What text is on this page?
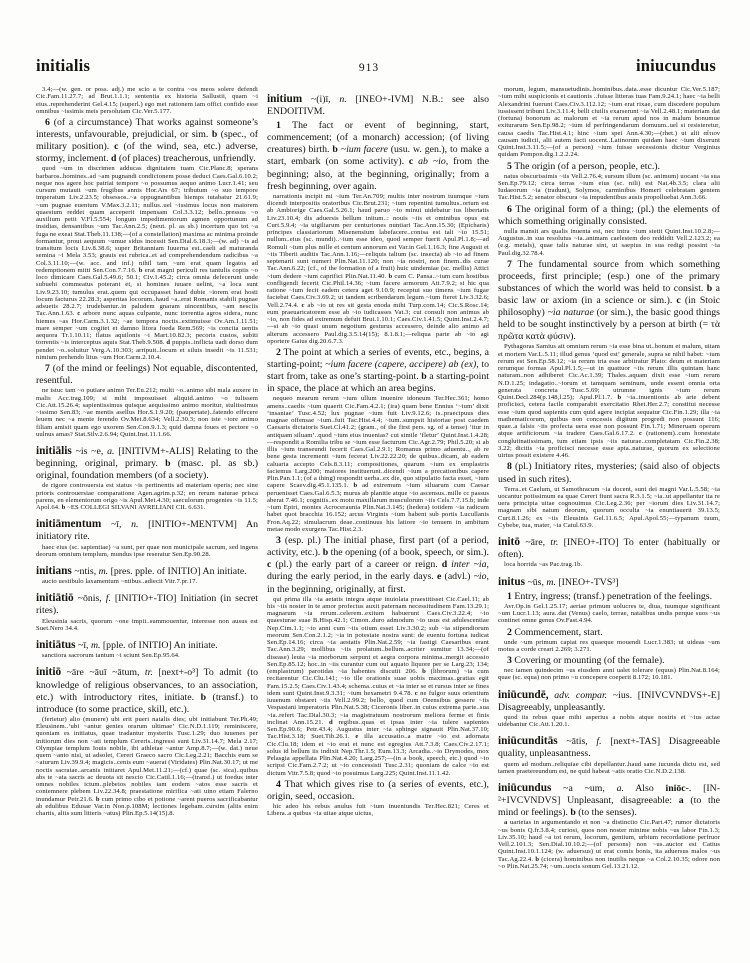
initialis	913	iniucundus

3.4;—(w. gen. or poss. adj.) me scio a te contra ~os meos solere defendi Cic.Fam.11.27.7; ad Brut.1.1.1; sententia ex historia Sallustii, quam ~i eius..reprehenderint Gel.4.15; (superl.) ego mei rationem iam offici confido esse omnibus ~issimis meis persolutam Cic.Ver.5.177.

6 (of a circumstance) That works against someone’s interests, unfavourable, prejudicial, or sim. b (spec., of military position). c (of the wind, sea, etc.) adverse, stormy, inclement. d (of places) treacherous, unfriendly.

quod ~um in discrimen adducas dignitatem tuam Cic.Planc.8; sperans barbaros..homines..ad ~am pugnandi condicionem posse deduci Caes.Gal.6.10.2; neque nos agere hoc patriai tempore ~o possumus aequo animo Lucr.1.41; seu cursum mutauit ~um frugibus annis Hor.Ars 67; tributum ~o suo tempore imperatum Liv.2.23.5; obsessos..~a oppugnantibus hiemps tutabatur 21.61.9; ~um pugnae euentum V.Max.3.2.11; nullus..uel ~issimus locus non maiorem quaestum reddet quam acceperit impensam Col.3.3.12; bello..pressus ~o auxilium petit V.Fl.5.554; longum impedimentorum agmen opportunum ad insidias, densantibus ~um Tac.Ann.2.5; (neut. pl. as sb.) incertum quo tot ~a fuga ne exeat Stat.Theb.11.138;—(of a constellation) maxima ac minima proinde formantur, prout aequum ~umue sidus incessit Sen.Dial.6.18.3;—(w. ad) ~is ad transitum locis Liv.8.38.6; super Britanniam Iuuerna est..caeli ad maturanda semina ~i Mela 3.53; grauis est rubrica..et ad comprehendendum radicibus ~a Col.3.11.10;—(w. acc. and inf.) nihil tam ~um erat quam legatos ad redemptionem mitti Sen.Con.7.7.16. b erat magni periculi res tantulis copiis ~o loco dimicare Caes.Gal.5.49.6; 50.1; Civ.1.45.2; circa omnia defecerunt unde subuehi commeatus poterant et, si homines iuuare uelint, ~a loca sunt Liv.9.23.10; tumulus erat..quem qui occupasset haud dubie ~iorem erat hosti locum facturus 22.28.3; asperitas locorum..haud ~a..erat Romanis stabili pugnae adsuetis 28.2.7; trudebantur..in paludem gnaram uincentibus, ~am nesciis Tac.Ann.1.63. c arbore nunc aquas culpante, nunc torrentia agros sidera, nunc hiemes ~as Hor.Carm.3.1.32; ~ae tempora noctis..extimuisse Ov.Am.1.11.51; mare semper ~um cogitet et damno litora foeda Rem.569; ~is concita uentis aequora Tr.1.10.11; flatus aquilonis ~i Mart.10.82.3; pecoris custos, subiti torrentis ~is interceptus aquis Stat.Theb.9.508. d puppis..inflicta uadi dorso dum pendet ~o..soluitur Verg.A.10.303; arripuit..locum et siluis insedit ~is 11.531; nimium prehendo litus ~um Hor.Carm.2.10.4.

7 (of the mind or feelings) Not equable, discontented, resentful.

ne istuc tam ~o putiare animo Ter.Eu.212; multi ~o..animo sibi mala auxere in malis Acc.trag.109; si mihi imposuisset aliquid..animo ~o tulissem Cic.Att.15.26.4; sapientissimus quisque aequissimo animo moritur, stultissimus ~issimo Sen.83; ~ae mentis asellus Hor.S.1.9.20; (paupertate)..fatendo effecere leuem nec ~a mente ferendo Ov.Met.8.634; Vell.2.30.3; non iste ~iore animo filiam amisit quam ego uxorem Sen.Con.9.1.3; quid damna foues et pectore ~o uulnus amas? Stat.Silv.2.6.94; Quint.Inst.11.1.66.

initiālis ~is ~e, a. [INITIVM+-ALIS] Relating to the beginning, original, primary. b (masc. pl. as sb.) original, foundation members (of a society).

de rigore controuersia est status ~is pertinentis ad materiam operis; nec sine prioris controuersiae comparatione Agen.agrim.p.32; en rerum naturae prisca parens, en elementorum origo ~is Apul.Met.4.30; saeculorum progenies ~is 11.5; Apol.64. b ~ES COLLEGI SILVANI AVRELIANI CIL 6.631.

initiāmentum ~ī, n. [INITIO+-MENTVM] An initiatory rite.

haec eius (sc. sapientiae) ~a sunt, per quae non municipale sacrum, sed ingens deorum omnium templum, mundus ipse reseratur Sen.Ep.90.28.

initians ~ntis, m. [pres. pple. of INITIO] An initiate.

aucto uestibulo laxamentum ~ntibus..adiecit Vitr.7.pr.17.

initiātiō ~ōnis, f. [INITIO+-TIO] Initiation (in secret rites).

Eleusinia sacris, quorum ~one impii..summouentur, interesse non ausus est Suet.Nero 34.4.

initiātus ~ī, m. [pple. of INITIO] An initiate.

sanctiora sacrorum tantum ~i sciunt Sen.Ep.95.64.

initiō ~āre ~āuī ~ātum, tr. [next+-o³] To admit (to knowledge of religious observances, to an association, etc.) with introductory rites, initiate. b (transf.) to introduce (to some practice, skill, etc.).

(ferietur) alio (munere) ubi erit pueri natalis dies; ubi initiabunt Ter.Ph.49; Eleusinem..‘ubi ~antur gentes orarum ultimae’ Cic.N.D.1.119; reminiscere, quoniam es initiatus, quae tradantur mysteriis Tusc.1.29; duo iuuenes per initiorum dies non ~ati templum Cereris..ingressi sunt Liv.31.14.7; Mela 2.17; Olympiae templum Iouis nobile, ibi athletae ~antur Amp.8.7;—(w. dat.) neue quem ~anto nisi, ut adsolet, Cereri Graeco sacro Cic.Leg.2.21; Bacchis eum se ~aturum Liv.39.9.4; magicis..cenis eum ~auerat (Viridates) Plin.Nat.30.17; ut me noctis sacratae..arcanis initiaret Apul.Met.11.21;—(cf.) quae (sc. sica)..quibus abs te ~ata sacris ac deuota sit nescio Cic.Catil.1.16;—(transf.) ut foedus inter omnes nobiles ictum..plebeios nobiles iam eodem ~atos esse sacris et contemnere plebem Liv.22.34.8; praestatione mirifica ~ati uino etiam Falerno inundamur Petr.21.6. b cum primo cibo et potione ~arent pueros sacrificabantur ab edulibus Edusae Var.in Non.p.108M; lectiones legebam..cursim (aliis enim chartis, aliis sum litteris ~atus) Plin.Ep.5.14(15).8.

initium ~(i)ī, n. [INEO+-IVM] N.B.: see also ENDOITIVM.

1 The fact or event of beginning, start, commencement; (of a monarch) accession; (of living creatures) birth. b ~ium facere (usu. w. gen.), to make a start, embark (on some activity). c ab ~io, from the beginning; also, at the beginning, originally; from a fresh beginning, over again.

narrationis incipit mi ~ium Ter.An.709; multis inter nostrum tuumque ~ium dicendi interpositis oratoribus Cic.Brut.231; ~ium repentini tumultus..ortum est ab Ambiorige Caes.Gal.5.26.1; haud paruo ~io minui uidebatur ius libertatis Liv.23.10.4; dis aduersis bellum initum..: nouis ~iis et ominibus opus est Curt.5.9.4; ~ia uigiliarum per centuriones nuntiari Tac.Ann.15.30; (Epicharis) principes classiariorum Misenensium labefacere..conisa est tali ~io 15.51; nullum..eius (sc. mundi)..~ium esse ideo, quod semper fuerit Apul.Pl.1.8;—ad Romuli ~ium plus mille et centum annorum est Var.in Gel.1.16.3; fine Augusti et ~iis Tiberii auditis Tac.Ann.1.16;—reliquis talium (sc. insecta) ab ~io ad finem septenarii sunt numeri Plin.Nat.11.120; non ~ia nostri, non finem..dis curae Tac.Ann.6.22; (cf., of the formation of a fruit) huic uindemiae (sc. mellis) Attici ~ium dedere ~ium caprifici Plin.Nat.11.40. b cum C. Pansa..~ium cum hostibus confligendi fecerit Cic.Phil.14.36; ~ium facere armorum Att.7.9.2; si hic qua ratione ~ium fecit eadem cetera aget 9.10.9; receptui suo timens ~ium fugae faciebat Caes.Civ.3.69.2; ut tandem scribendarum legum ~ium fieret Liv.3.32.6; Vell.2.74.4. c ab ~io ut res sit gesta enoda mihi Turp.com.14; Cic.S.Rosc.14; eum praeuaricatorem esse ab ~io iudicasses Vat.3; cui consuli non animus ab ~io, non fides ad extremum defuit Brut.1.10.1; Caes.Civ.1.41.5; Quint.Inst.2.4.7;—si ab ~io quasi unum negotium gesturus accessero, deinde alio animo ad alterum accessero Paul.dig.3.5.14(15); 8.1.8.1;—reliqua parte ab ~io agi oportere Gaius dig.20.6.7.3.

2 The point at which a series of events, etc., begins, a starting-point; ~ium facere (capere, accipere) ab (ex), to start from, take as one’s starting-point. b a starting-point in space, the place at which an area begins.

nequeo mearum rerum ~ium ullum inuenire idoneum Ter.Hec.361; homo amens..caedis ~ium quaerit Cic.Fam.4.2.1; (ira) quam bene Ennius ‘~ium’ dixit ‘insaniae’ Tusc.4.52; lux pugnae ~ium fuit Liv.9.12.6; is..praecipuus dies magnae offensae ~ium..fuit Tac.Hist.4.4; ~ium..sumpsit historiae post caedem Caesaris dictatoris Suet.Cl.41.2; (gram., of the first pers. sg. of a tense) ‘itur in antiquam siluam’..quod ~ium eius inuenias? cui simile ‘fletur’ Quint.Inst.1.4.28;—respondit a Romilia tribu se ~ium esse facturum Cic.Agr.2.79; Phil.5.20; si ab illis ~ium transeundi fecerit Caes.Gal.2.9.1; Romanus primo aduentu.., ab re bene gesta incrementi ~ium fecerat Liv.22.22.20; de quibus..dicam, ab eadem caluaria accepto Cels.8.3.11; compositiones, quarum ~ium ex emplastris faciemus Larg.200; maiores instituerunt..dicendi ~ium a precationibus capere Plin.Pan.1.1; (of a thing) respondit uerba..ex die, quo stipulatio facta esset, ~ium capere Scaev.dig.45.1.135.1. b ad extremum ~ium siluarum cum Caesar peruenisset Caes.Gal.6.5.3; murus ab planitie atque ~io ascensus..mille cc passus aberat 7.46.1; cognitis..ex motu maxillarum musculorum ~iis Cels.7.7.15.b; inde ~ium Epiri, montes Acroceraunia Plin.Nat.3.145; (hedera) totidem ~ia radicum habet quot bracchia 16.152; arcus Virginis ~ium habent sub portis Lucullanis Fron.Aq.22; simulacrum deae..continuus his latiore ~io tenuem in ambitum metae modo exurgens Tac.Hist.2.3.

3 (esp. pl.) The initial phase, first part (of a period, activity, etc.). b the opening (of a book, speech, or sim.). c (pl.) the early part of a career or reign. d inter ~ia, during the early period, in the early days. e (advl.) ~io, in the beginning, originally, at first.

qui prima illa ~ia aetatis integra atque inuiolata praestitisset Cic.Cael.11; ab his ~iis noster in te amor profectus auxit paternam necessitudinem Fam.13.29.1; magnarum ~ia rerum..celerem..exitum habuerunt Caes.Civ.3.22.4; ~io quaesturae suae B.Hisp.42.1; Cimon..duro admodum ~io usus est adulescentiae Nep.Cim.1.1; ~io anni cum ~iis otium esset Liv.3.30.2; sub ~ia stipendiorum meorum Sen.Con.2.1.2; ~ia in potestate nostra sunt: de euentu fortuna iudicat Sen.Ep.14.16; circa ~ia aestatis Plin.Nat.2.59; ~ia fastigi Caesaribus erant Tac.Ann.3.29; mollibus ~iis prolatum..bellum..acriter sumitur 13.34;—(of disease) leuia ~ia morborum serpunt et aegra corpora minima..mergit accessio Sen.Ep.85.12; hoc..in ~iis curantur cum oui aquato liquore per se Larg.23; 134; (emplastrum) parotidas ~ia habentes discutit 206. b (librorum) ~ia cum recitarentur Cic.Clu.141; ~io ille orationis suae uobis maximas..gratias egit Fam.15.2.5; Caes.Civ.1.43.4; schema..cuius et ~ia inter se et rursus inter se fines idem sunt Quint.Inst.9.3.31; ~ium hexametri 9.4.78. c ne fulgor suus orientium iuuenum obstaret ~iis Vell.2.99.2; bello, quod cum Oeensibus gessere ~iis Vespasiani imperatoris Plin.Nat.5.38; Ciceronis liber..in cuius extrema parte..sua ~ia..refert Tac.Dial.30.3; ~ia magistratuum nostrorum meliora ferme et finis inclinat Ann.15.21. d regibus..quas et ipsas inter ~ia tulere sapientes Sen.Ep.90.6; Petr.43.4; Augustus inter ~ia sphinge signauit Plin.Nat.37.10; Tac.Hist.3.18; Suet.Tib.26.1. e illa accusatio..a matre ~io est adornata Cic.Clu.18; idem et ~io erat et nunc est egregius Att.7.3.8; Caes.Civ.2.17.1; solus id bellum iis indixit Nep.Thr.1.5; Eum.13.3; Arcadia..~io Drymodes, mox Pelasgia appellata Plin.Nat.4.20; Larg.257;—(in a book, speech, etc.) quod ~io scripsi Cic.Fam.2.7.2; ut ~io concessisti Tusc.2.31; quoniam de calce ~io est dictum Vitr.7.5.8; quod ~io posuimus Larg.225; Quint.Inst.11.1.42.

4 That which gives rise to (a series of events, etc.), origin, seed, occasion.

hic adeo his rebus anulus fuit ~ium inueniundis Ter.Hec.821; Ceres et Libera..a quibus ~ia uitae atque uictus,

morum, legum, mansuetudinis..hominibus..data..esse dicuntur Cic.Ver.5.187; ~ium mihi suspicionis et cautionis ..fuisse litteras tuas Fam.9.24.1; haec ~ia belli Alexandrini fuerunt Caes.Civ.3.112.12; ~ium erat rixae, cum discedere populum iussissent tribuni Liv.3.11.4; belli ciuilis exarserunt ~ia Vell.2.48.1; materiam dat (fortuna) bonorum ac malorum et ~ia rerum apud nos in malum bonumue exiturarum Sen.Ep.98.2; ~ium id perfringendarum domuum..uel si resisteretur, causa caedis Tac.Hist.4.1; hinc ~ium spei Ann.4.30;—(rhet.) ut alii αἴτιον causam iudicii, alii autem facti uocent..Latinorum quidam haec ~ium dixerunt Quint.Inst.3.11.5;—(of a person) ~ium fuisse secessionis dicitur Verginius quidam Pompon.dig.1.2.2.24.

5 The origin (of a person, people, etc.).

natus obscurissimis ~iis Vell.2.76.4; sursum illum (sc. animum) uocant ~ia sua Sen.Ep.79.12; circa terras ~ium eius (sc. nili) est Nat.4b.3.5; clara alii Iudaeorum ~ia (tradunt), Solymos, carminibus Homeri celebratam gentem Tac.Hist.5.2; senator obscura ~ia impudentibus ausis propolluebat Ann.3.66.

6 The original form of a thing; (pl.) the elements of which something originally consisted.

nulla mansit ars qualis inuenta est, nec intra ~ium stetit Quint.Inst.10.2.8;—Augustus..in sua resolutus ~ia..animam caelestem deo reddidit Vell.2.123.2; ea (e.g. metals), quae talis naturae sint, ut saepius in sua redigi possint ~ia Paul.dig.32.78.4.

7 The fundamental source from which something proceeds, first principle; (esp.) one of the primary substances of which the world was held to consist. b a basic law or axiom (in a science or sim.). c (in Stoic philosophy) ~ia naturae (or sim.), the basic good things held to be sought instinctively by a person at birth (= τὰ πρῶτα κατὰ φύσιν).

Pythagoras Samius ait omnium rerum ~ia esse bina ut..bonum et malum, uitam et mortem Var.L.5.11; illud genus ‘quod est’ generale, supra se nihil habet: ~ium rerum est Sen.Ep.58.12; ~ia rerum tria esse arbitratur Plato: deum et materiam rerumque formas Apul.Pl.1.5;—ut in quattuor ~iis rerum illis quintam hanc naturam..non adhiberet Cic.Ac.1.39; Thales..aquam dixit esse ~ium rerum N.D.1.25; indagatio..~iorum et tamquam seminum, unde essent omnia orta generata concreta Tusc.5.69; utrumne ignis ~ium rerum Quint.Decl.284(p.148,l.25); Apul.Pl.1.7. b ~ia..inuentionis ab arte debent proficisci, cetera facile comparabit exercitatio Rhet.Her.2.7; constitui necesse esse ~ium quod sapientis cum quid agere incipiat sequatur Cic.Fin.1.29; illa ~ia mathematicorum, quibus non concessis digitum progredi non possunt 116; quae..a falsis ~iis profecta uera esse non possunt Fin.1.71; Mineruam operum atque artificiorum ~ia tradere Caes.Gal.6.17.2. c (rationem)..cum honestate conglutinatissimam, tum etiam ipsis ~iis naturae..completatam Cic.Fin.2.38; 3.22; dicitis ~ia proficisci necesse esse apta..naturae, quorum ex selectione uirtus possit existere 4.46.

8 (pl.) Initiatory rites, mysteries; (said also of objects used in such rites).

Terra..et Caelum, ut Samothracum ~ia docent, sunt dei magni Var.L.5.58; ~ia uocantur potissimum ea quae Cereri fiunt sacra R.3.1.5; ~ia..ut appellantur ita re uera principia uitae cognouimus Cic.Leg.2.36; per ~iorum dies Liv.31.14.7; magnam sibi natum deorum, quorum occulta ~ia enuntiauerit 39.13.5; Curt.8.1.26; ex ~iis Eleusinis Gel.11.6.5; Apul.Apol.55;—typanum tuum, Cybebe, tua, mater, ~ia Catul.63.9.

initō ~āre, tr. [INEO+-ITO] To enter (habitually or often).

loca horrida ~as Pac.trag.1b.

initus ~ūs, m. [INEO+-TVS³]

1 Entry, ingress; (transf.) penetration of the feelings.

Avr.Op.in Gel.1.25.17; aeriae primum uolucres te, diua, tuumque significant ~um Lucr.1.13; aura..dat (Venus) caelo, terrae, natalibus undis perque suos ~us continet omne genus Ov.Fast.4.94.

2 Commencement, start.

unde ~um primum capiat res quaeque mouendi Lucr.1.383; ut uideas ~um motus a corde creari 2.269; 3.271.

3 Covering or mounting (of the female).

nec tamen quindecim ~us eiusdem anni ualet tolerare (equus) Plin.Nat.8.164; quae (sc. equa) non primo ~u concepere coeperit 8.172; 10.181.

iniūcundē, adv. compar. ~ius. [INIVCVNDVS+-E] Disagreeably, unpleasantly.

quod iis rebus quae mihi asperius a nobis atque nostris et ~ius actae uidebantur Cic.Att.1.20.1.

iniūcunditās ~ātis, f. [next+-TAS] Disagreeable quality, unpleasantness.

quem ad modum..reliquiae cibi depellantur..haud sane iucunda dictu est, sed tamen praetereundum est, ne quid habeat ~atis oratio Cic.N.D.2.138.

iniūcundus ~a ~um, a. Also iniōc-. [IN-²+IVCVNDVS] Unpleasant, disagreeable: a (to the mind or feelings). b (to the senses).

a uarietas in argumentando et non ~a distinctio Cic.Part.47; rumor dictatoris ~us bonis Q.fr.3.8.4; curiosi, quos non noster minime nobis ~us labor Fin.1.3; Liv.35.10; haud ~a tot rerum, locorum, gentium, urbium recordatione perfruor Vell.2.101.3; Sen.Dial.10.10.2;—(of persons) non ~us..auctor est Catius Quint.Inst.10.1.124; (w. aduersus) ut erat comis bonis, ita aduersus malos ~us Tac.Ag.22.4. b (cicera) hominibus non inutilis neque ~a Col.2.10.35; odore non ~o Plin.Nat.25.74; ~um..uocis sonum Gel.13.21.12.
